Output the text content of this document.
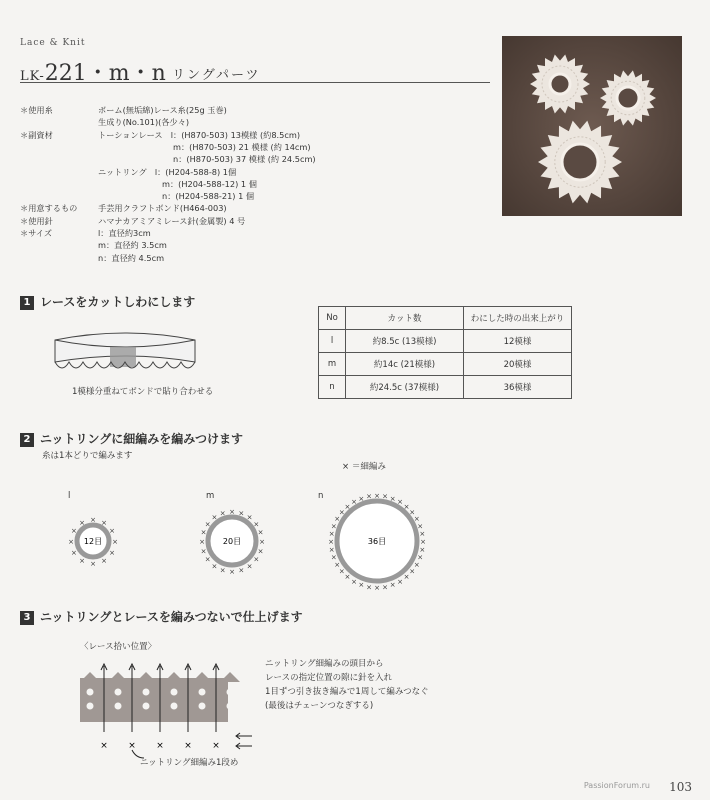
Lace & Knit
LK-221・m・n リングパーツ
＊使用糸	ボーム(無垢綿)レース糸(25g 玉巻)
生成り(No.101)(各少々)
＊副資材	トーションレース　l：(H870-503) 13模様 (約8.5cm)
m：(H870-503) 21 模様 (約 14cm)
n：(H870-503) 37 模様 (約 24.5cm)
ニットリング　l：(H204-588-8) 1個
m：(H204-588-12) 1 個
n：(H204-588-21) 1 個
＊用意するもの	手芸用クラフトボンド(H464-003)
＊使用針	ハマナカアミアミレース針(金属製) 4 号
＊サイズ	l：直径約3cm
m：直径約 3.5cm
n：直径約 4.5cm
1 レースをカットしわにします
1模様分重ねてボンドで貼り合わせる
No	カット数	わにした時の出来上がり
l	約8.5c (13模様)	12模様
m	約14c (21模様)	20模様
n	約24.5c (37模様)	36模様
2 ニットリングに細編みを編みつけます
糸は1本どりで編みます
× ＝細編み
l	m	n
× ×
×
×
×
×
×
×
×
×
×
×
12目
× ×
×
×
×
×
×
×
×
×
×
×
×
×
×
×
×
×
×
×
20目
× × × ×
×
×
×
×
×
×
×
×
×
×
×
×
×
×
×
×
×
×
×
×
×
×
×
×
×
×
×
×
×
× × ×
36目
3 ニットリングとレースを編みつないで仕上げます
〈レース拾い位置〉
× × × × ×
ニットリング細編み1段め
ニットリング細編みの頭目から
レースの指定位置の隙に針を入れ
1目ずつ引き抜き編みで1周して編みつなぐ
(最後はチェーンつなぎする)
PassionForum.ru 103
